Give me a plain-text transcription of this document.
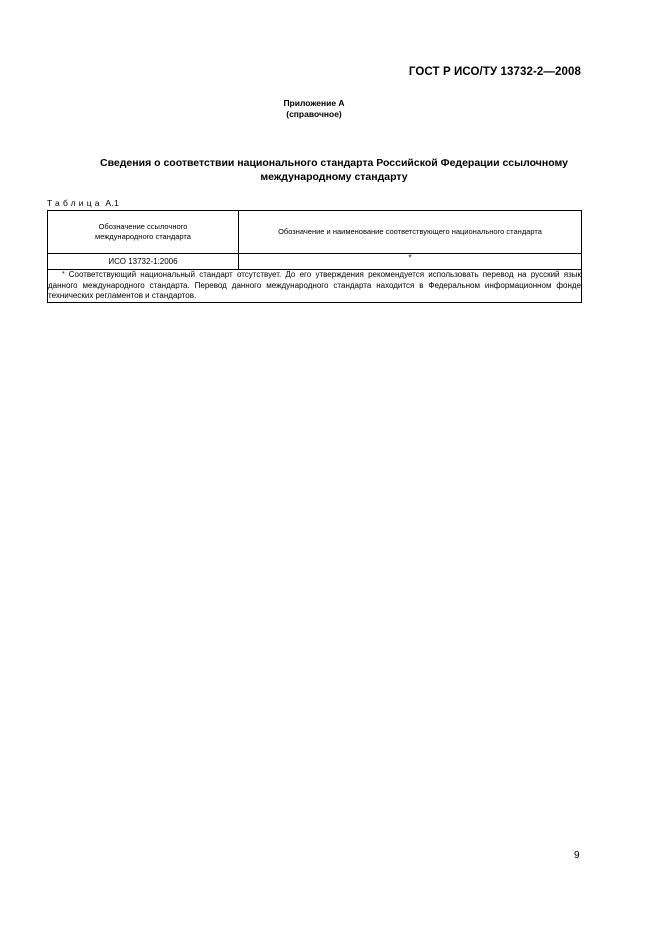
ГОСТ Р ИСО/ТУ 13732-2—2008
Приложение А
(справочное)
Сведения о соответствии национального стандарта Российской Федерации ссылочному
международному стандарту
Таблица А.1
Обозначение ссылочного
международного стандарта	Обозначение и наименование соответствующего национального стандарта
ИСО 13732-1:2006	*
* Соответствующий национальный стандарт отсутствует. До его утверждения рекомендуется использовать перевод на русский язык данного международного стандарта. Перевод данного международного стандарта находится в Федеральном информационном фонде технических регламентов и стандартов.	
9
